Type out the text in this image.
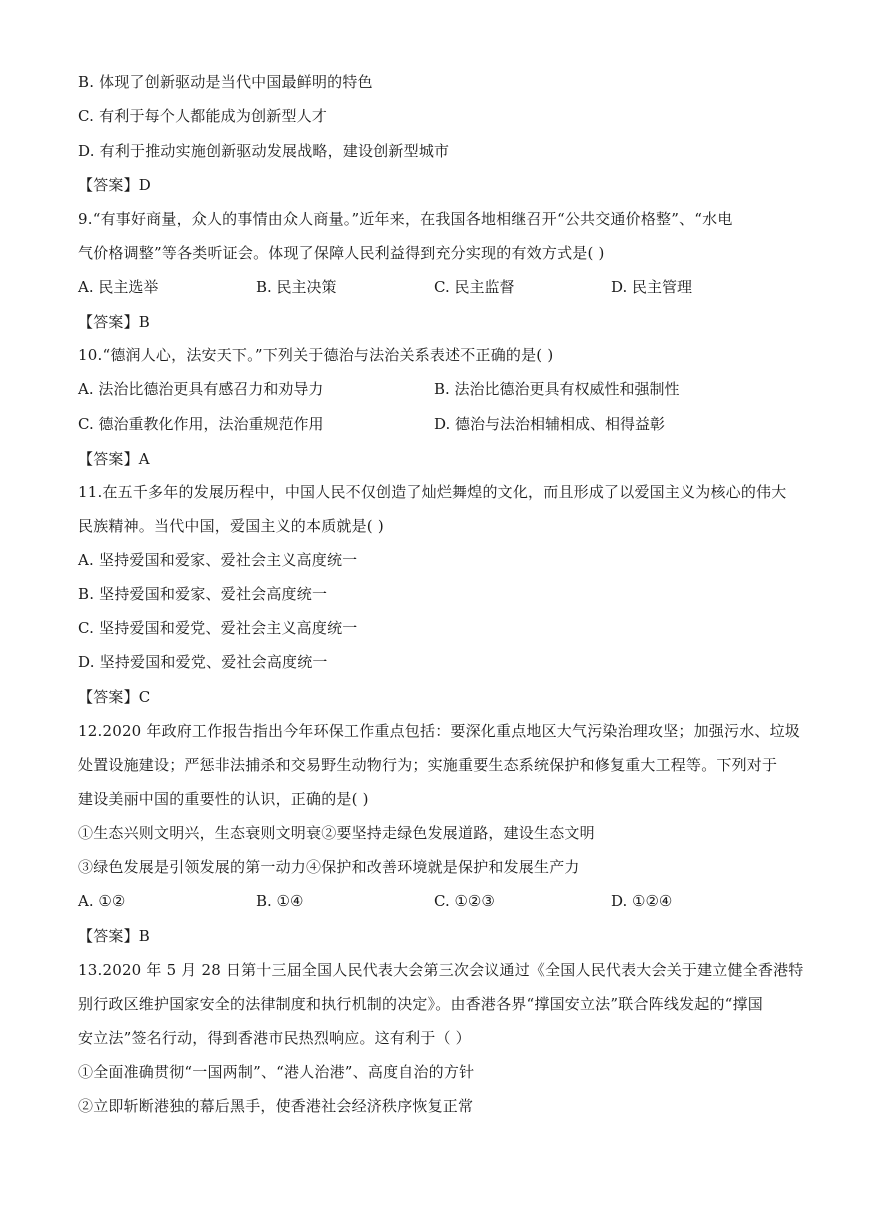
B. 体现了创新驱动是当代中国最鲜明的特色
C. 有利于每个人都能成为创新型人才
D. 有利于推动实施创新驱动发展战略，建设创新型城市
【答案】D
9.“有事好商量，众人的事情由众人商量。”近年来，在我国各地相继召开“公共交通价格整”、“水电
气价格调整”等各类听证会。体现了保障人民利益得到充分实现的有效方式是( )
A. 民主选举	B. 民主决策	C. 民主监督	D. 民主管理
【答案】B
10.“德润人心，法安天下。”下列关于德治与法治关系表述不正确的是( )
A. 法治比德治更具有感召力和劝导力	B. 法治比德治更具有权威性和强制性
C. 德治重教化作用，法治重规范作用	D. 德治与法治相辅相成、相得益彰
【答案】A
11.在五千多年的发展历程中，中国人民不仅创造了灿烂舞煌的文化，而且形成了以爱国主义为核心的伟大
民族精神。当代中国，爱国主义的本质就是( )
A. 坚持爱国和爱家、爱社会主义高度统一
B. 坚持爱国和爱家、爱社会高度统一
C. 坚持爱国和爱党、爱社会主义高度统一
D. 坚持爱国和爱党、爱社会高度统一
【答案】C
12.2020 年政府工作报告指出今年环保工作重点包括：要深化重点地区大气污染治理攻坚；加强污水、垃圾
处置设施建设；严惩非法捕杀和交易野生动物行为；实施重要生态系统保护和修复重大工程等。下列对于
建设美丽中国的重要性的认识，正确的是( )
①生态兴则文明兴，生态衰则文明衰②要坚持走绿色发展道路，建设生态文明
③绿色发展是引领发展的第一动力④保护和改善环境就是保护和发展生产力
A. ①②	B. ①④	C. ①②③	D. ①②④
【答案】B
13.2020 年 5 月 28 日第十三届全国人民代表大会第三次会议通过《全国人民代表大会关于建立健全香港特
别行政区维护国家安全的法律制度和执行机制的决定》。由香港各界“撑国安立法”联合阵线发起的“撑国
安立法”签名行动，得到香港市民热烈响应。这有利于（ ）
①全面准确贯彻“一国两制”、“港人治港”、高度自治的方针
②立即斩断港独的幕后黑手，使香港社会经济秩序恢复正常
